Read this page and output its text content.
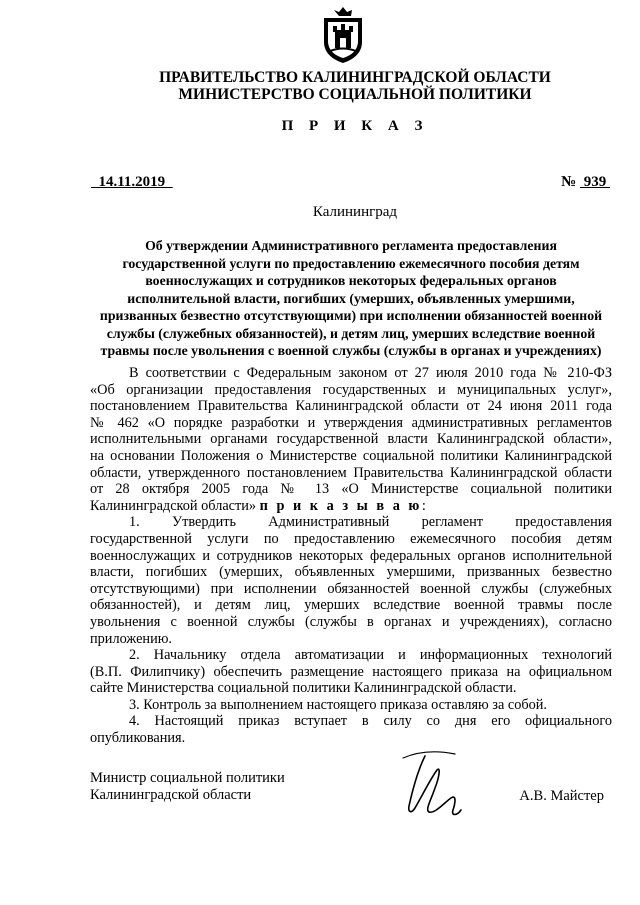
ПРАВИТЕЛЬСТВО КАЛИНИНГРАДСКОЙ ОБЛАСТИ
МИНИСТЕРСТВО СОЦИАЛЬНОЙ ПОЛИТИКИ
П Р И К А З
14.11.2019	№  939
Калининград
Об утверждении Административного регламента предоставления
государственной услуги по предоставлению ежемесячного пособия детям
военнослужащих и сотрудников некоторых федеральных органов
исполнительной власти, погибших (умерших, объявленных умершими,
призванных безвестно отсутствующими) при исполнении обязанностей военной
службы (служебных обязанностей), и детям лиц, умерших вследствие военной
травмы после увольнения с военной службы (службы в органах и учреждениях)
В соответствии с Федеральным законом от 27 июля 2010 года № 210-ФЗ
«Об организации предоставления государственных и муниципальных услуг»,
постановлением Правительства Калининградской области от 24 июня 2011 года
№ 462 «О порядке разработки и утверждения административных регламентов
исполнительными органами государственной власти Калининградской области»,
на основании Положения о Министерстве социальной политики Калининградской
области, утвержденного постановлением Правительства Калининградской области
от 28 октября 2005 года № 13 «О Министерстве социальной политики
Калининградской области» п р и к а з ы в а ю:
1. Утвердить Административный регламент предоставления
государственной услуги по предоставлению ежемесячного пособия детям
военнослужащих и сотрудников некоторых федеральных органов исполнительной
власти, погибших (умерших, объявленных умершими, призванных безвестно
отсутствующими) при исполнении обязанностей военной службы (служебных
обязанностей), и детям лиц, умерших вследствие военной травмы после
увольнения с военной службы (службы в органах и учреждениях), согласно
приложению.
2. Начальнику отдела автоматизации и информационных технологий
(В.П. Филипчику) обеспечить размещение настоящего приказа на официальном
сайте Министерства социальной политики Калининградской области.
3. Контроль за выполнением настоящего приказа оставляю за собой.
4. Настоящий приказ вступает в силу со дня его официального
опубликования.
Министр социальной политики
Калининградской области	А.В. Майстер
